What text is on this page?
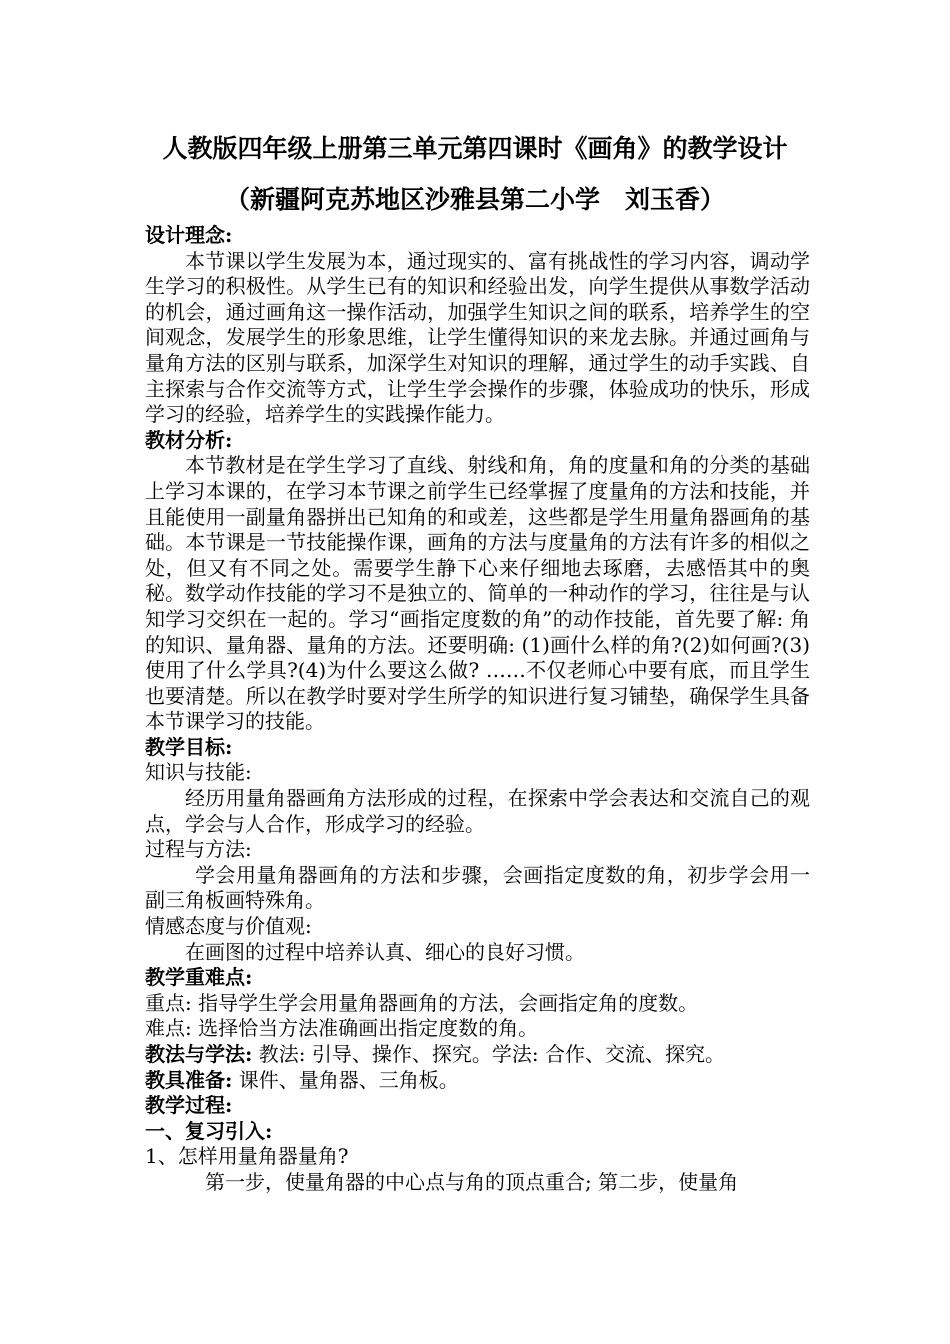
人教版四年级上册第三单元第四课时《画角》的教学设计
（新疆阿克苏地区沙雅县第二小学　刘玉香）

设计理念:

本节课以学生发展为本，通过现实的、富有挑战性的学习内容，调动学生学习的积极性。从学生已有的知识和经验出发，向学生提供从事数学活动的机会，通过画角这一操作活动，加强学生知识之间的联系，培养学生的空间观念，发展学生的形象思维，让学生懂得知识的来龙去脉。并通过画角与量角方法的区别与联系，加深学生对知识的理解，通过学生的动手实践、自主探索与合作交流等方式，让学生学会操作的步骤，体验成功的快乐，形成学习的经验，培养学生的实践操作能力。

教材分析:

本节教材是在学生学习了直线、射线和角，角的度量和角的分类的基础上学习本课的，在学习本节课之前学生已经掌握了度量角的方法和技能，并且能使用一副量角器拼出已知角的和或差，这些都是学生用量角器画角的基础。本节课是一节技能操作课，画角的方法与度量角的方法有许多的相似之处，但又有不同之处。需要学生静下心来仔细地去琢磨，去感悟其中的奥秘。数学动作技能的学习不是独立的、简单的一种动作的学习，往往是与认知学习交织在一起的。学习“画指定度数的角”的动作技能，首先要了解: 角的知识、量角器、量角的方法。还要明确: (1)画什么样的角?(2)如何画?(3)使用了什么学具?(4)为什么要这么做? ……不仅老师心中要有底，而且学生也要清楚。所以在教学时要对学生所学的知识进行复习铺垫，确保学生具备本节课学习的技能。

教学目标:

知识与技能:

经历用量角器画角方法形成的过程，在探索中学会表达和交流自己的观点，学会与人合作，形成学习的经验。

过程与方法:

学会用量角器画角的方法和步骤，会画指定度数的角，初步学会用一副三角板画特殊角。

情感态度与价值观:

在画图的过程中培养认真、细心的良好习惯。

教学重难点:

重点: 指导学生学会用量角器画角的方法，会画指定角的度数。

难点: 选择恰当方法准确画出指定度数的角。

教法与学法: 教法: 引导、操作、探究。学法: 合作、交流、探究。

教具准备: 课件、量角器、三角板。

教学过程:

一、复习引入:

1、怎样用量角器量角?

第一步，使量角器的中心点与角的顶点重合; 第二步，使量角
